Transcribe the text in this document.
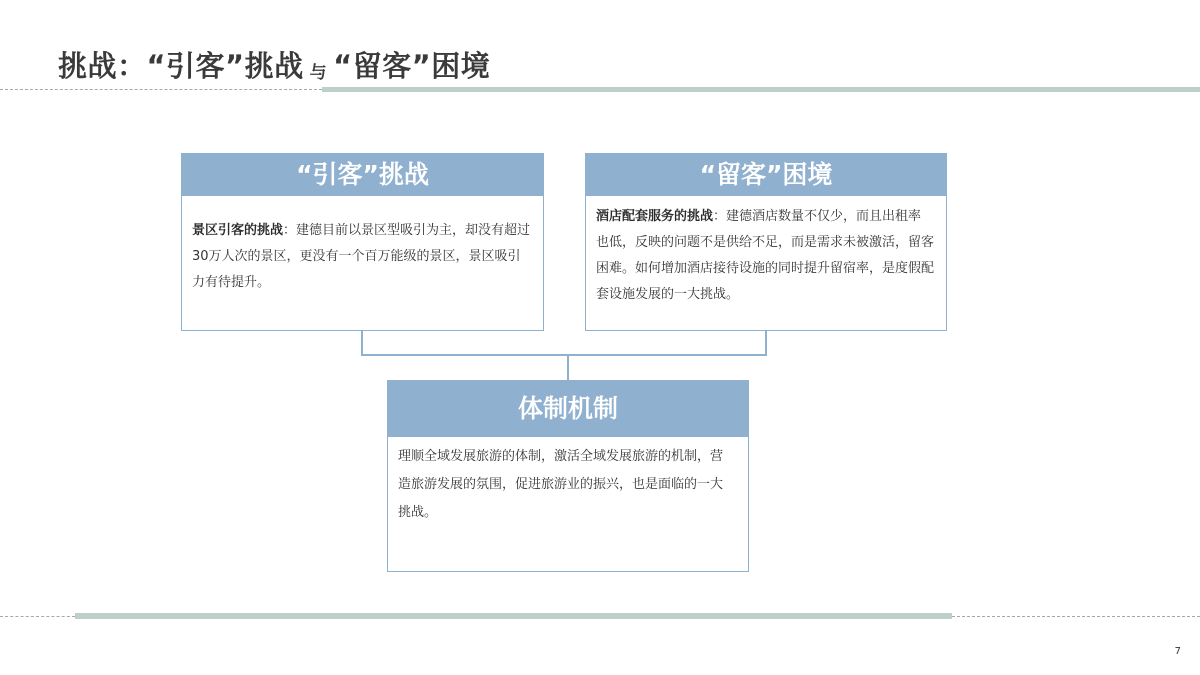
挑战：“引客”挑战 与 “留客”困境
“引客”挑战
景区引客的挑战：建德目前以景区型吸引为主，却没有超过30万人次的景区，更没有一个百万能级的景区，景区吸引力有待提升。
“留客”困境
酒店配套服务的挑战：建德酒店数量不仅少，而且出租率也低，反映的问题不是供给不足，而是需求未被激活，留客困难。如何增加酒店接待设施的同时提升留宿率，是度假配套设施发展的一大挑战。
体制机制
理顺全域发展旅游的体制，激活全域发展旅游的机制，营造旅游发展的氛围，促进旅游业的振兴，也是面临的一大挑战。
7
